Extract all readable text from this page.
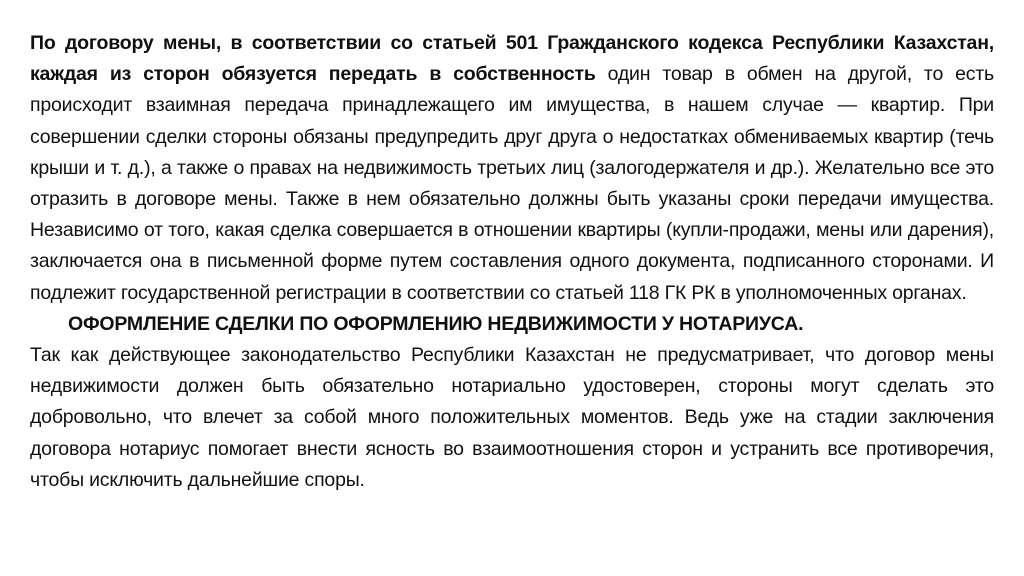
По договору мены, в соответствии со статьей 501 Гражданского кодекса Республики Казахстан, каждая из сторон обязуется передать в собственность один товар в обмен на другой, то есть происходит взаимная передача принадлежащего им имущества, в нашем случае — квартир. При совершении сделки стороны обязаны предупредить друг друга о недостатках обмениваемых квартир (течь крыши и т. д.), а также о правах на недвижимость третьих лиц (залогодержателя и др.). Желательно все это отразить в договоре мены. Также в нем обязательно должны быть указаны сроки передачи имущества. Независимо от того, какая сделка совершается в отношении квартиры (купли-продажи, мены или дарения), заключается она в письменной форме путем составления одного документа, подписанного сторонами. И подлежит государственной регистрации в соответствии со статьей 118 ГК РК в уполномоченных органах.

ОФОРМЛЕНИЕ СДЕЛКИ ПО ОФОРМЛЕНИЮ НЕДВИЖИМОСТИ У НОТАРИУСА.

Так как действующее законодательство Республики Казахстан не предусматривает, что договор мены недвижимости должен быть обязательно нотариально удостоверен, стороны могут сделать это добровольно, что влечет за собой много положительных моментов. Ведь уже на стадии заключения договора нотариус помогает внести ясность во взаимоотношения сторон и устранить все противоречия, чтобы исключить дальнейшие споры.
